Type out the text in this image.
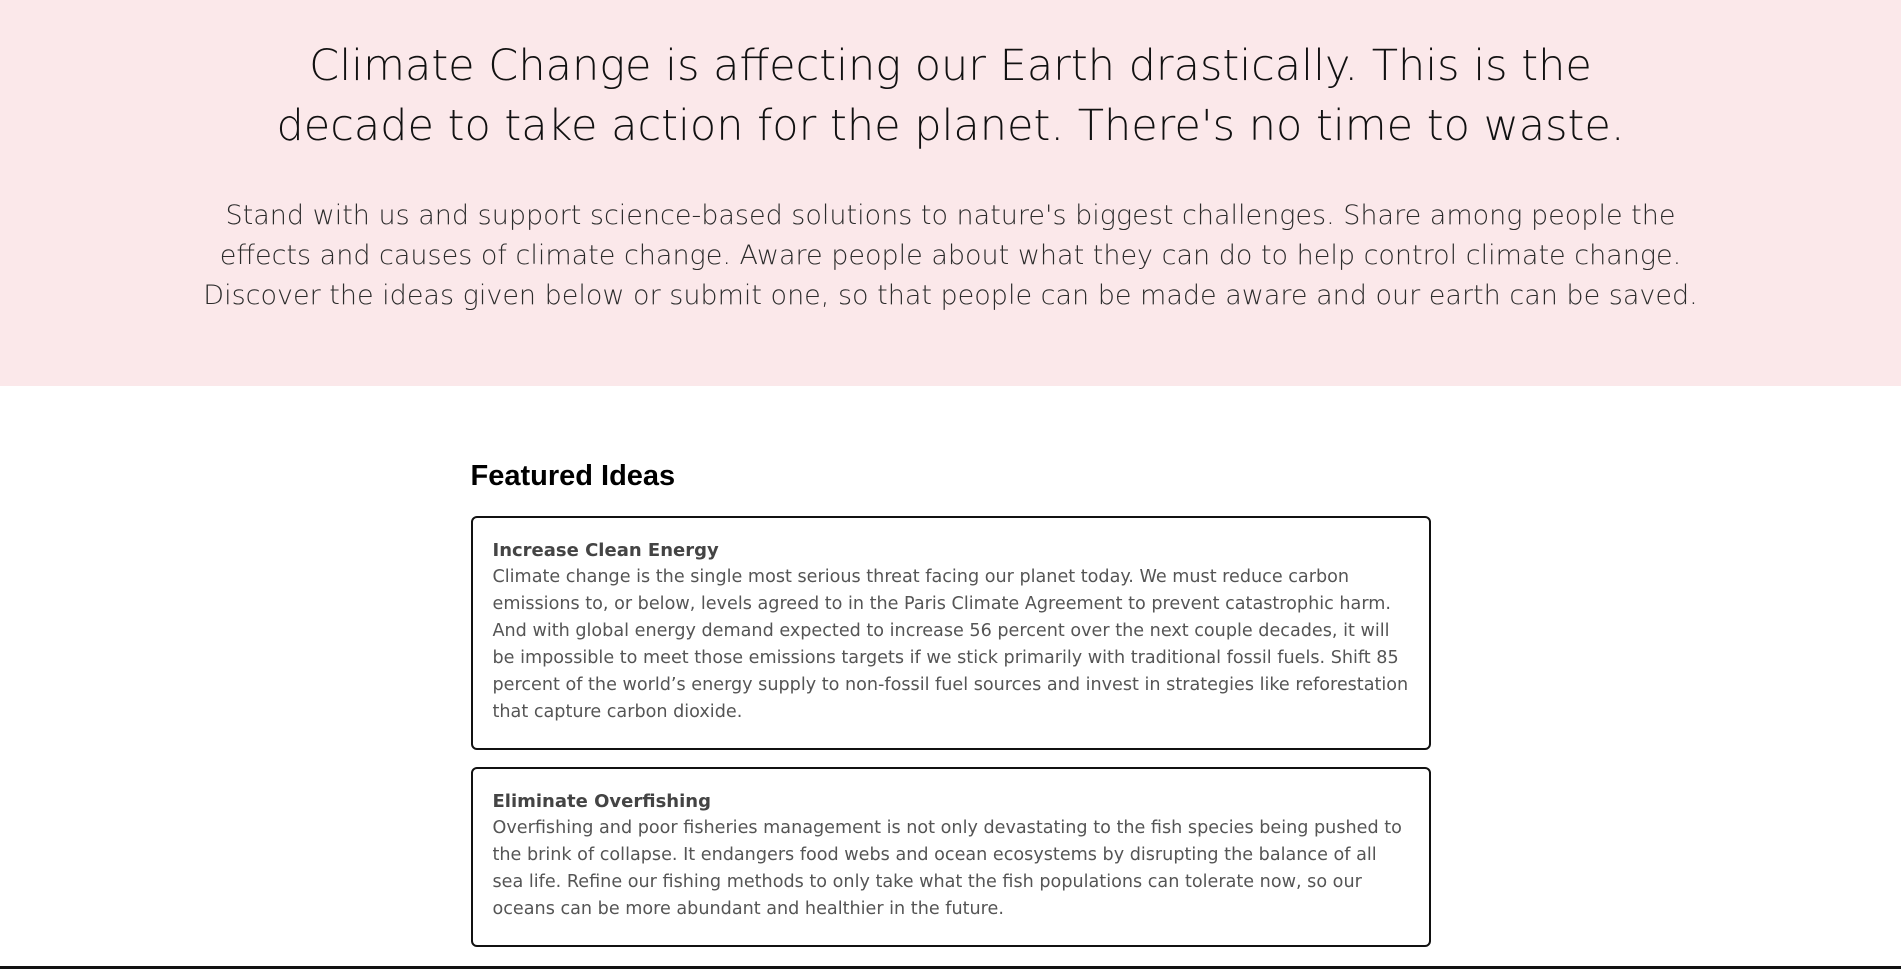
Climate Change is affecting our Earth drastically. This is the decade to take action for the planet. There's no time to waste.

Stand with us and support science-based solutions to nature's biggest challenges. Share among people the effects and causes of climate change. Aware people about what they can do to help control climate change. Discover the ideas given below or submit one, so that people can be made aware and our earth can be saved.

Featured Ideas
Increase Clean Energy
Climate change is the single most serious threat facing our planet today. We must reduce carbon emissions to, or below, levels agreed to in the Paris Climate Agreement to prevent catastrophic harm. And with global energy demand expected to increase 56 percent over the next couple decades, it will be impossible to meet those emissions targets if we stick primarily with traditional fossil fuels. Shift 85 percent of the world’s energy supply to non-fossil fuel sources and invest in strategies like reforestation that capture carbon dioxide.
Eliminate Overfishing
Overfishing and poor fisheries management is not only devastating to the fish species being pushed to the brink of collapse. It endangers food webs and ocean ecosystems by disrupting the balance of all sea life. Refine our fishing methods to only take what the fish populations can tolerate now, so our oceans can be more abundant and healthier in the future.
